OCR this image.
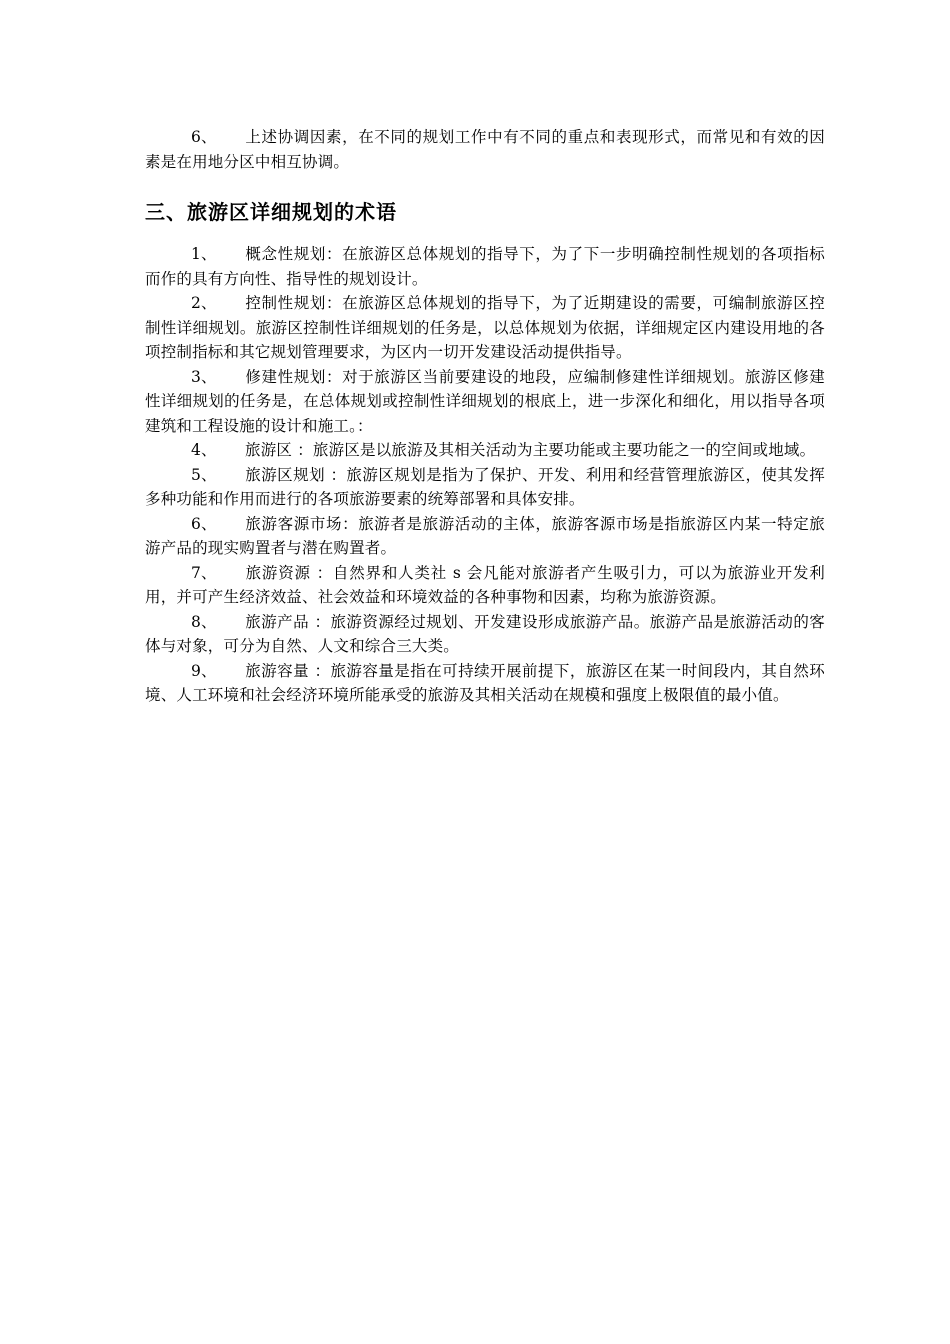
6、 上述协调因素，在不同的规划工作中有不同的重点和表现形式，而常见和有效的因素是在用地分区中相互协调。

三、旅游区详细规划的术语

1、 概念性规划：在旅游区总体规划的指导下，为了下一步明确控制性规划的各项指标而作的具有方向性、指导性的规划设计。

2、 控制性规划：在旅游区总体规划的指导下，为了近期建设的需要，可编制旅游区控制性详细规划。旅游区控制性详细规划的任务是，以总体规划为依据，详细规定区内建设用地的各项控制指标和其它规划管理要求，为区内一切开发建设活动提供指导。

3、 修建性规划：对于旅游区当前要建设的地段，应编制修建性详细规划。旅游区修建性详细规划的任务是，在总体规划或控制性详细规划的根底上，进一步深化和细化，用以指导各项建筑和工程设施的设计和施工。：

4、 旅游区 ：旅游区是以旅游及其相关活动为主要功能或主要功能之一的空间或地域。

5、 旅游区规划 ：旅游区规划是指为了保护、开发、利用和经营管理旅游区，使其发挥多种功能和作用而进行的各项旅游要素的统筹部署和具体安排。

6、 旅游客源市场：旅游者是旅游活动的主体，旅游客源市场是指旅游区内某一特定旅游产品的现实购置者与潜在购置者。

7、 旅游资源 ：自然界和人类社 s 会凡能对旅游者产生吸引力，可以为旅游业开发利用，并可产生经济效益、社会效益和环境效益的各种事物和因素，均称为旅游资源。

8、 旅游产品 ：旅游资源经过规划、开发建设形成旅游产品。旅游产品是旅游活动的客体与对象，可分为自然、人文和综合三大类。

9、 旅游容量 ：旅游容量是指在可持续开展前提下，旅游区在某一时间段内，其自然环境、人工环境和社会经济环境所能承受的旅游及其相关活动在规模和强度上极限值的最小值。
